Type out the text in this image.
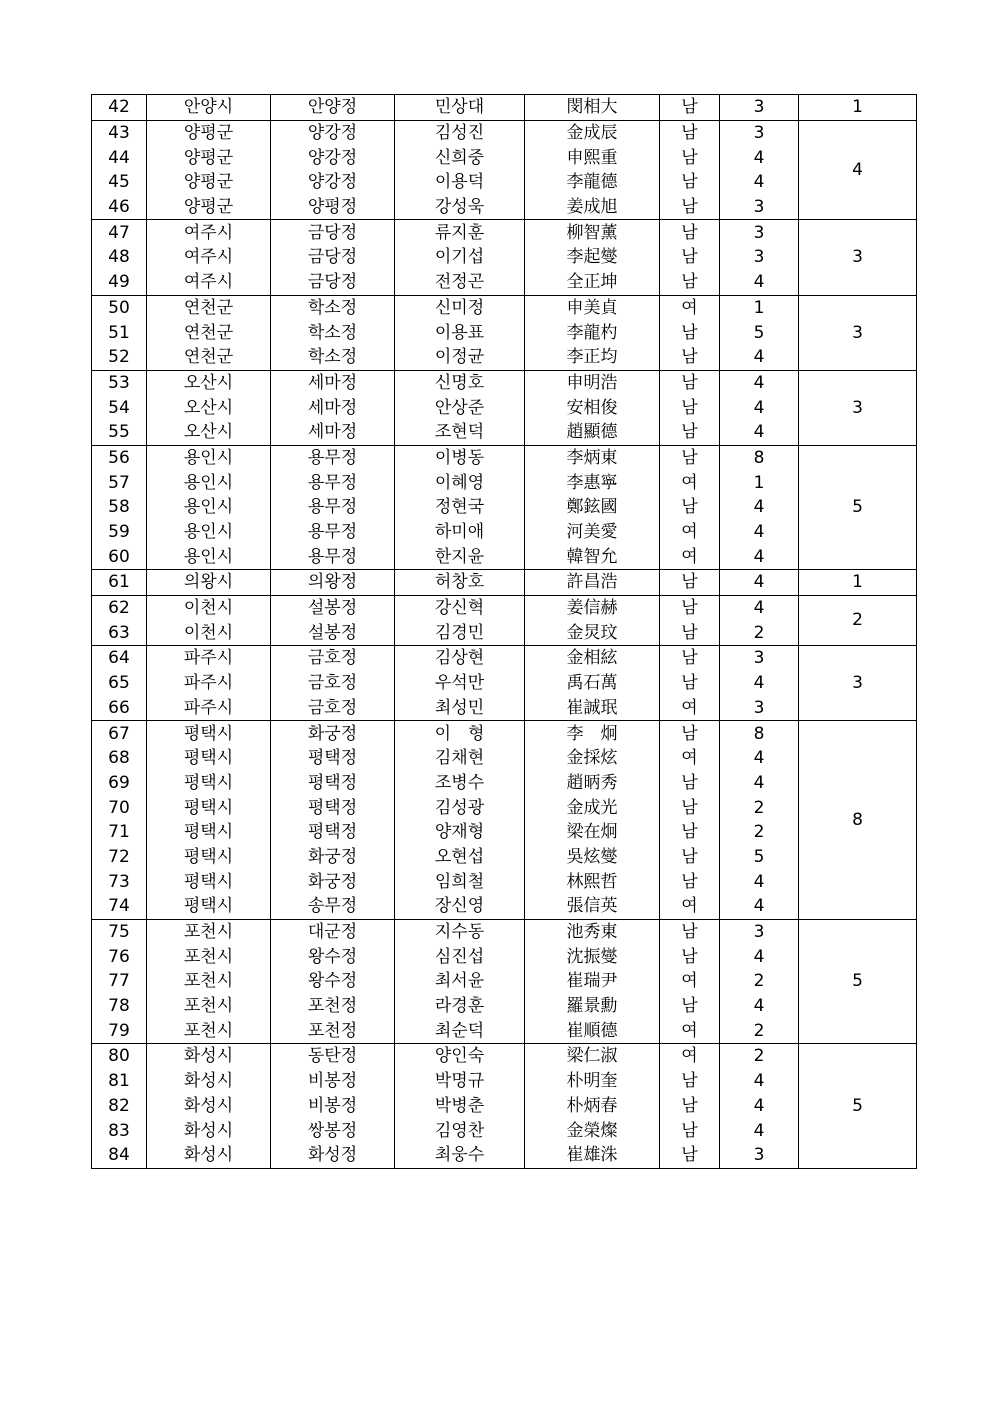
42	안양시	안양정	민상대	閔相大	남	3	1
43	양평군	양강정	김성진	金成辰	남	3	4
44	양평군	양강정	신희중	申熙重	남	4	
45	양평군	양강정	이용덕	李龍德	남	4	
46	양평군	양평정	강성욱	姜成旭	남	3	
47	여주시	금당정	류지훈	柳智薰	남	3	3
48	여주시	금당정	이기섭	李起燮	남	3	
49	여주시	금당정	전정곤	全正坤	남	4	
50	연천군	학소정	신미정	申美貞	여	1	3
51	연천군	학소정	이용표	李龍杓	남	5	
52	연천군	학소정	이정균	李正均	남	4	
53	오산시	세마정	신명호	申明浩	남	4	3
54	오산시	세마정	안상준	安相俊	남	4	
55	오산시	세마정	조현덕	趙顯德	남	4	
56	용인시	용무정	이병동	李炳東	남	8	5
57	용인시	용무정	이혜영	李惠寧	여	1	
58	용인시	용무정	정현국	鄭鉉國	남	4	
59	용인시	용무정	하미애	河美愛	여	4	
60	용인시	용무정	한지윤	韓智允	여	4	
61	의왕시	의왕정	허창호	許昌浩	남	4	1
62	이천시	설봉정	강신혁	姜信赫	남	4	2
63	이천시	설봉정	김경민	金炅玟	남	2	
64	파주시	금호정	김상현	金相絃	남	3	3
65	파주시	금호정	우석만	禹石萬	남	4	
66	파주시	금호정	최성민	崔誠珉	여	3	
67	평택시	화궁정	이　형	李　炯	남	8	8
68	평택시	평택정	김채현	金採炫	여	4	
69	평택시	평택정	조병수	趙昞秀	남	4	
70	평택시	평택정	김성광	金成光	남	2	
71	평택시	평택정	양재형	梁在炯	남	2	
72	평택시	화궁정	오현섭	吳炫燮	남	5	
73	평택시	화궁정	임희철	林熙哲	남	4	
74	평택시	송무정	장신영	張信英	여	4	
75	포천시	대군정	지수동	池秀東	남	3	5
76	포천시	왕수정	심진섭	沈振燮	남	4	
77	포천시	왕수정	최서윤	崔瑞尹	여	2	
78	포천시	포천정	라경훈	羅景勳	남	4	
79	포천시	포천정	최순덕	崔順德	여	2	
80	화성시	동탄정	양인숙	梁仁淑	여	2	5
81	화성시	비봉정	박명규	朴明奎	남	4	
82	화성시	비봉정	박병춘	朴炳春	남	4	
83	화성시	쌍봉정	김영찬	金榮燦	남	4	
84	화성시	화성정	최웅수	崔雄洙	남	3	
